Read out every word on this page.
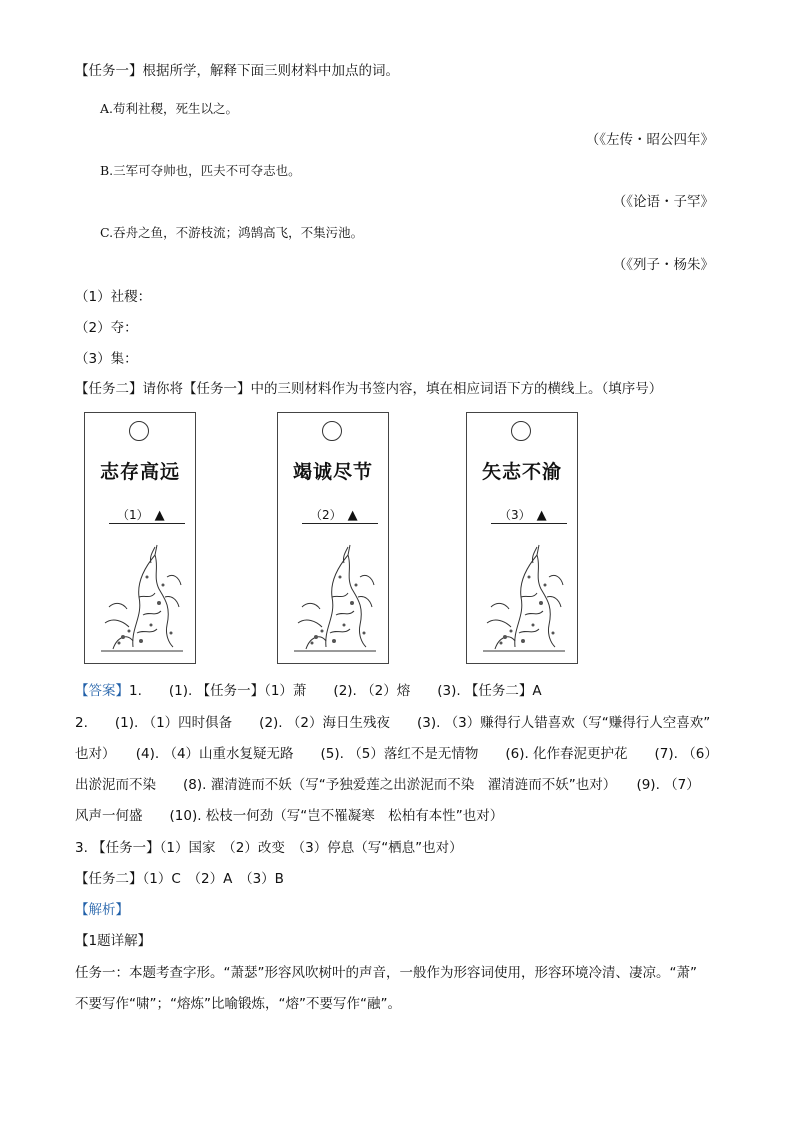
【任务一】根据所学，解释下面三则材料中加点的词。
A.苟利社稷，死生以之。
（《左传・昭公四年》
B.三军可夺帅也，匹夫不可夺志也。
（《论语・子罕》
C.吞舟之鱼，不游枝流；鸿鹄高飞，不集污池。
（《列子・杨朱》
（1）社稷：
（2）夺：
（3）集：
【任务二】请你将【任务一】中的三则材料作为书签内容，填在相应词语下方的横线上。（填序号）
志存高远
（1） ▲
竭诚尽节
（2） ▲
矢志不渝
（3） ▲
【答案】1.　　(1). 【任务一】（1）萧　　(2). （2）熔　　(3). 【任务二】A
2.　　(1). （1）四时俱备　　(2). （2）海日生残夜　　(3). （3）赚得行人错喜欢（写“赚得行人空喜欢”
也对）　　(4). （4）山重水复疑无路　　(5). （5）落红不是无情物　　(6). 化作春泥更护花　　(7). （6）
出淤泥而不染　　(8). 濯清涟而不妖（写“予独爱莲之出淤泥而不染　濯清涟而不妖”也对）　　(9). （7）
风声一何盛　　(10). 松枝一何劲（写“岂不罹凝寒　松柏有本性”也对）
3. 【任务一】（1）国家　（2）改变　（3）停息（写“栖息”也对）
【任务二】（1）C　（2）A　（3）B
【解析】
【1题详解】
任务一：本题考查字形。“萧瑟”形容风吹树叶的声音，一般作为形容词使用，形容环境冷清、凄凉。“萧”
不要写作“啸”；“熔炼”比喻锻炼，“熔”不要写作“融”。
